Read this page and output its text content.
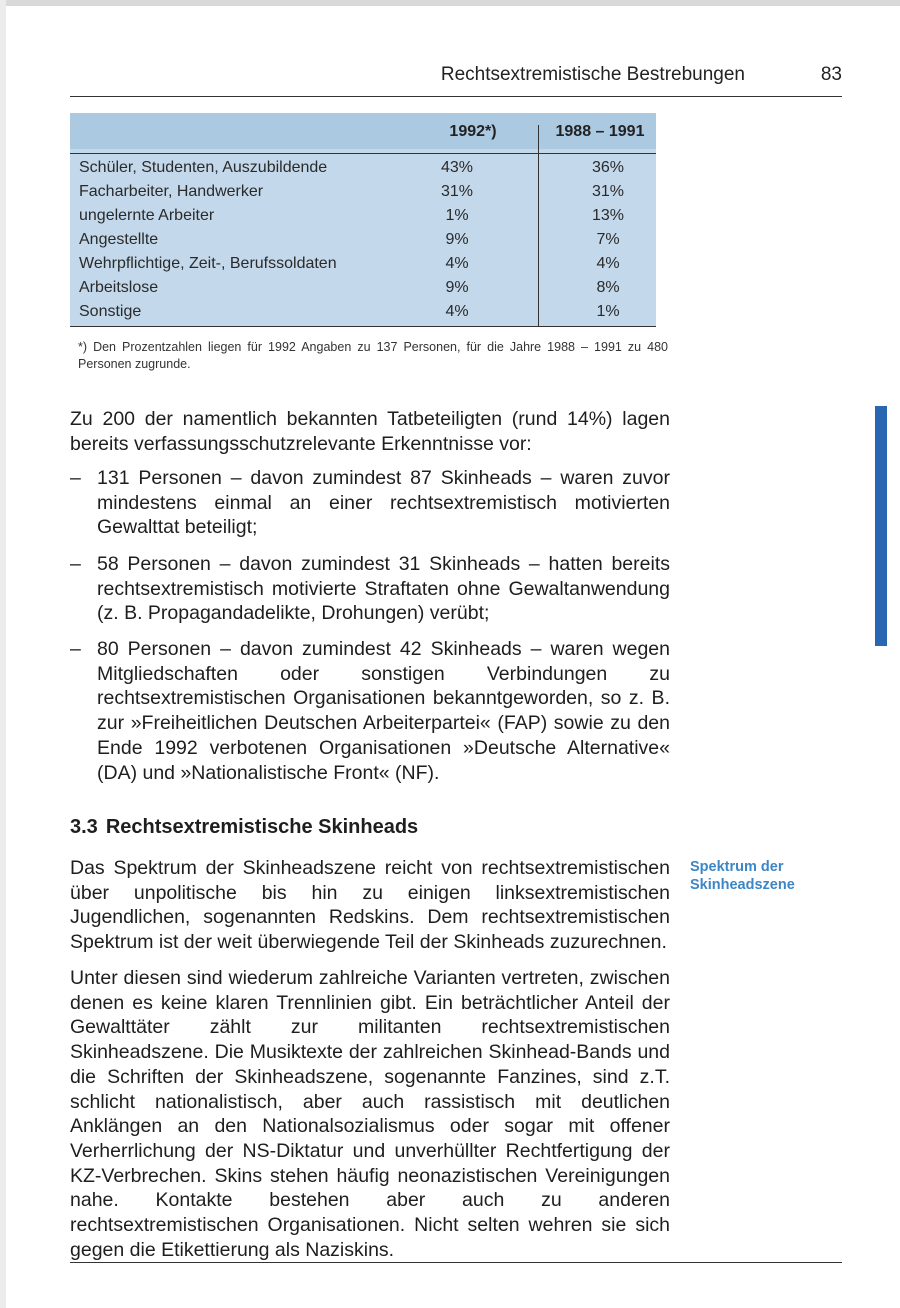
Rechtsextremistische Bestrebungen	83
1992*)	1988 – 1991
Schüler, Studenten, Auszubildende	43%	36%
Facharbeiter, Handwerker	31%	31%
ungelernte Arbeiter	1%	13%
Angestellte	9%	7%
Wehrpflichtige, Zeit-, Berufssoldaten	4%	4%
Arbeitslose	9%	8%
Sonstige	4%	1%
*) Den Prozentzahlen liegen für 1992 Angaben zu 137 Personen, für die Jahre 1988 – 1991 zu 480 Personen zugrunde.
Zu 200 der namentlich bekannten Tatbeteiligten (rund 14%) lagen bereits verfassungsschutzrelevante Erkenntnisse vor:
– 131 Personen – davon zumindest 87 Skinheads – waren zuvor mindestens einmal an einer rechtsextremistisch motivierten Gewalttat beteiligt;
– 58 Personen – davon zumindest 31 Skinheads – hatten bereits rechtsextremistisch motivierte Straftaten ohne Gewaltanwendung (z. B. Propagandadelikte, Drohungen) verübt;
– 80 Personen – davon zumindest 42 Skinheads – waren wegen Mitgliedschaften oder sonstigen Verbindungen zu rechtsextremistischen Organisationen bekanntgeworden, so z. B. zur »Freiheitlichen Deutschen Arbeiterpartei« (FAP) sowie zu den Ende 1992 verbotenen Organisationen »Deutsche Alternative« (DA) und »Nationalistische Front« (NF).
3.3 Rechtsextremistische Skinheads
Das Spektrum der Skinheadszene reicht von rechtsextremistischen über unpolitische bis hin zu einigen linksextremistischen Jugendlichen, sogenannten Redskins. Dem rechtsextremistischen Spektrum ist der weit überwiegende Teil der Skinheads zuzurechnen.
Spektrum der Skinheadszene
Unter diesen sind wiederum zahlreiche Varianten vertreten, zwischen denen es keine klaren Trennlinien gibt. Ein beträchtlicher Anteil der Gewalttäter zählt zur militanten rechtsextremistischen Skinheadszene. Die Musiktexte der zahlreichen Skinhead-Bands und die Schriften der Skinheadszene, sogenannte Fanzines, sind z.T. schlicht nationalistisch, aber auch rassistisch mit deutlichen Anklängen an den Nationalsozialismus oder sogar mit offener Verherrlichung der NS-Diktatur und unverhüllter Rechtfertigung der KZ-Verbrechen. Skins stehen häufig neonazistischen Vereinigungen nahe. Kontakte bestehen aber auch zu anderen rechtsextremistischen Organisationen. Nicht selten wehren sie sich gegen die Etikettierung als Naziskins.
